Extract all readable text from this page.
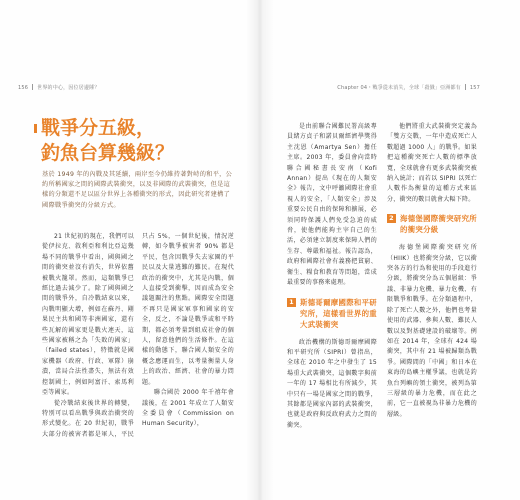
156 世界的中心，因位居邊陲？
戰爭分五級，
釣魚台算幾級？
基於 1949 年的內戰及其延續，兩岸至今仍維持著對峙的和平，公約所稱國家之間的國際武裝衝突，以及非國際的武裝衝突，但是這樣的分類還不足以區分世界上各種衝突的形式，因此研究者建構了國際戰爭衝突的分級方式。

21 世紀初的現在，我們可以從伊拉克、敘利亞和利比亞這幾場不同的戰爭中看出，國與國之間的衝突並沒有消失，世界依舊被戰火籠罩。然而，這類戰爭已經比過去減少了。除了國與國之間的戰爭外，自冷戰結束以來，內戰明顯大增，例如在蘇丹、剛果民主共和國等非洲國家，還有些瓦解的國家更是戰火連天，這些國家被稱之為「失敗的國家」（failed states），特徵就是國家機器（政府、行政、軍隊）崩潰，當局合法性盡失，無法有效控制國土，例如阿富汗、索馬利亞等國家。

從冷戰結束後世界的轉變，特別可以看出戰爭與政治衝突的形式變化。在 20 世紀初，戰爭大部分的被害者都是軍人，平民只占 5%，一個世紀後，情況逆轉，如今戰爭被害者 90% 都是平民，包含因戰爭失去家園的平民以及大量逃難的難民。在現代政治的衝突中，尤其是內戰，個人直接受到衝擊，因而成為安全議題關注的焦點。國際安全問題不再只是國家軍事和國家的安全，反之，不論是戰爭或和平時期，都必須考量到組成社會的個人，留意他們的生活條件。在這樣的動態下，聯合國人類安全的概念應運而生，以考量衡量人身上的政治、經濟、社會的暴力問題。

聯合國於 2000 年千禧年會議後，在 2001 年成立了人類安全委員會（Commission on Human Security），

Chapter 04・戰爭從未消失，全球「殺戮」亞洲都有 157

是由前聯合國難民署高級專員緒方貞子和諾貝爾經濟學獎得主沈恩（Amartya Sen）擔任主席。2003 年，委員會向當時聯合國秘書長安南（Kofi Annan）提出《現在的人類安全》報告，文中呼籲國際社會重視人的安全，「人類安全」涉及重要公民自由的保障和擴展，必須同時保護人們免受急迫的威脅，使他們能夠主宰自己的生活，必須建立制度來保障人們的生存、尊嚴和福祉。報告認為，政府和國際社會有義務把貧窮、衛生、糧食和教育等問題，當成最重要的事務來處理。

1 斯德哥爾摩國際和平研究所，這樣看世界的重大武裝衝突

政治機構的斯德哥爾摩國際和平研究所（SIPRI）曾指出，全球在 2010 年之中發生了 15 場重大武裝衝突，這個數字與前一年的 17 場相比有所減少，其中只有一場是國家之間的戰爭，其餘都是國家內部的武裝衝突，也就是政府與反政府武力之間的衝突。

他們將重大武裝衝突定義為「雙方交戰，一年中造成死亡人數超過 1000 人」的戰爭。如果把這種衝突死亡人數的標準放寬，全球就會有更多武裝衝突被納入統計；而若以 SIPRI 以死亡人數作為衡量的這種方式來區分，衝突的數目就會大幅下降。

2 海德堡國際衝突研究所的衝突分級

海德堡國際衝突研究所（HIIK）也將衝突分級，它以衝突各方的行為和使用的手段進行分級，將衝突分為五個層級：爭議、非暴力危機、暴力危機、有限戰爭和戰爭。在分類過程中，除了死亡人數之外，他們也考量使用的武器、參與人數、難民人數以及對基礎建設的破壞等。例如在 2014 年，全球有 424 場衝突，其中有 21 場被歸類為戰爭。國際間的「中國」和日本在東海的島嶼主權爭議，也就是釣魚台列嶼的領土衝突，被列為第三層級的暴力危機，而在此之前，它一直被視為非暴力危機的層級。
